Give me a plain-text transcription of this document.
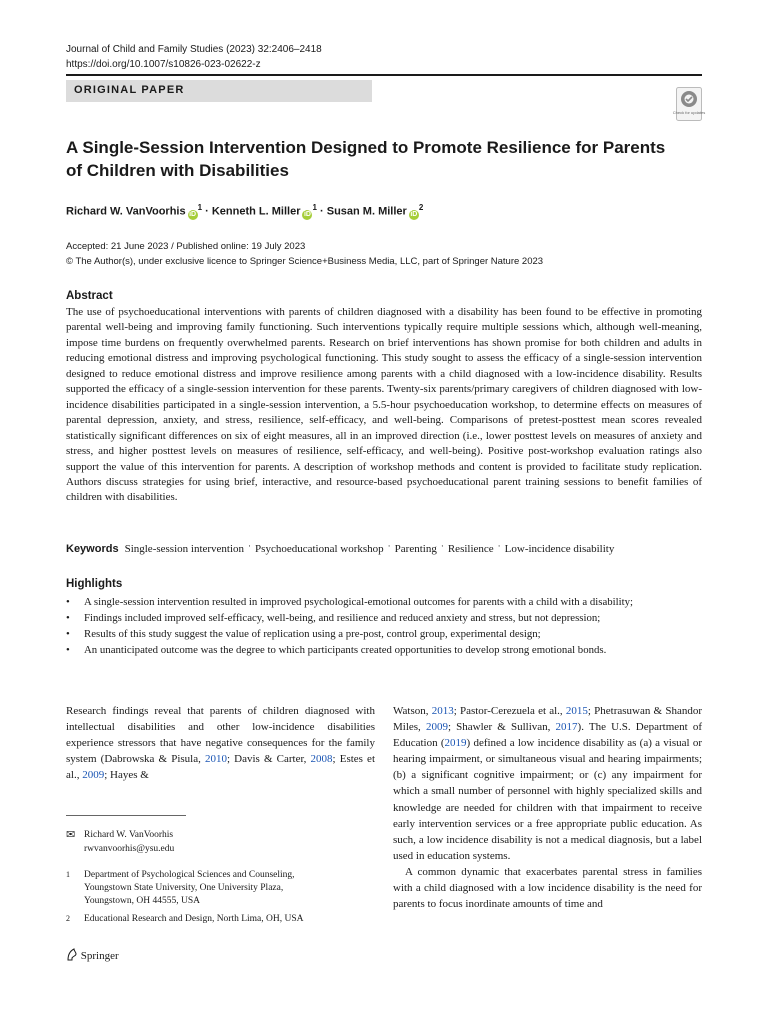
Journal of Child and Family Studies (2023) 32:2406–2418
https://doi.org/10.1007/s10826-023-02622-z
ORIGINAL PAPER
Check for updates
A Single-Session Intervention Designed to Promote Resilience for Parents of Children with Disabilities
Richard W. VanVoorhis $iD^1$ · Kenneth L. Miller $iD^1$ · Susan M. Miller $iD^2$
Accepted: 21 June 2023 / Published online: 19 July 2023
© The Author(s), under exclusive licence to Springer Science+Business Media, LLC, part of Springer Nature 2023
Abstract
The use of psychoeducational interventions with parents of children diagnosed with a disability has been found to be effective in promoting parental well-being and improving family functioning. Such interventions typically require multiple sessions which, although well-meaning, impose time burdens on frequently overwhelmed parents. Research on brief interventions has shown promise for both children and adults in reducing emotional distress and improving psychological functioning. This study sought to assess the efficacy of a single-session intervention designed to reduce emotional distress and improve resilience among parents with a child diagnosed with a low-incidence disability. Results supported the efficacy of a single-session intervention for these parents. Twenty-six parents/primary caregivers of children diagnosed with low-incidence disabilities participated in a single-session intervention, a 5.5-hour psychoeducation workshop, to determine effects on measures of parental depression, anxiety, and stress, resilience, self-efficacy, and well-being. Comparisons of pretest-posttest mean scores revealed statistically significant differences on six of eight measures, all in an improved direction (i.e., lower posttest levels on measures of anxiety and stress, and higher posttest levels on measures of resilience, self-efficacy, and well-being). Positive post-workshop evaluation ratings also support the value of this intervention for parents. A description of workshop methods and content is provided to facilitate study replication. Authors discuss strategies for using brief, interactive, and resource-based psychoeducational parent training sessions to benefit families of children with disabilities.
Keywords Single-session intervention · Psychoeducational workshop · Parenting · Resilience · Low-incidence disability
Highlights
• A single-session intervention resulted in improved psychological-emotional outcomes for parents with a child with a disability;
• Findings included improved self-efficacy, well-being, and resilience and reduced anxiety and stress, but not depression;
• Results of this study suggest the value of replication using a pre-post, control group, experimental design;
• An unanticipated outcome was the degree to which participants created opportunities to develop strong emotional bonds.

Research findings reveal that parents of children diagnosed with intellectual disabilities and other low-incidence disabilities experience stressors that have negative consequences for the family system (Dabrowska & Pisula, 2010; Davis & Carter, 2008; Estes et al., 2009; Hayes &

✉ Richard W. VanVoorhis
rwvanvoorhis@ysu.edu
1 Department of Psychological Sciences and Counseling,
Youngstown State University, One University Plaza,
Youngstown, OH 44555, USA
2 Educational Research and Design, North Lima, OH, USA

Watson, 2013; Pastor-Cerezuela et al., 2015; Phetrasuwan & Shandor Miles, 2009; Shawler & Sullivan, 2017). The U.S. Department of Education (2019) defined a low incidence disability as (a) a visual or hearing impairment, or simultaneous visual and hearing impairments; (b) a significant cognitive impairment; or (c) any impairment for which a small number of personnel with highly specialized skills and knowledge are needed for children with that impairment to receive early intervention services or a free appropriate public education. As such, a low incidence disability is not a medical diagnosis, but a label used in education systems.

A common dynamic that exacerbates parental stress in families with a child diagnosed with a low incidence disability is the need for parents to focus inordinate amounts of time and

Springer
